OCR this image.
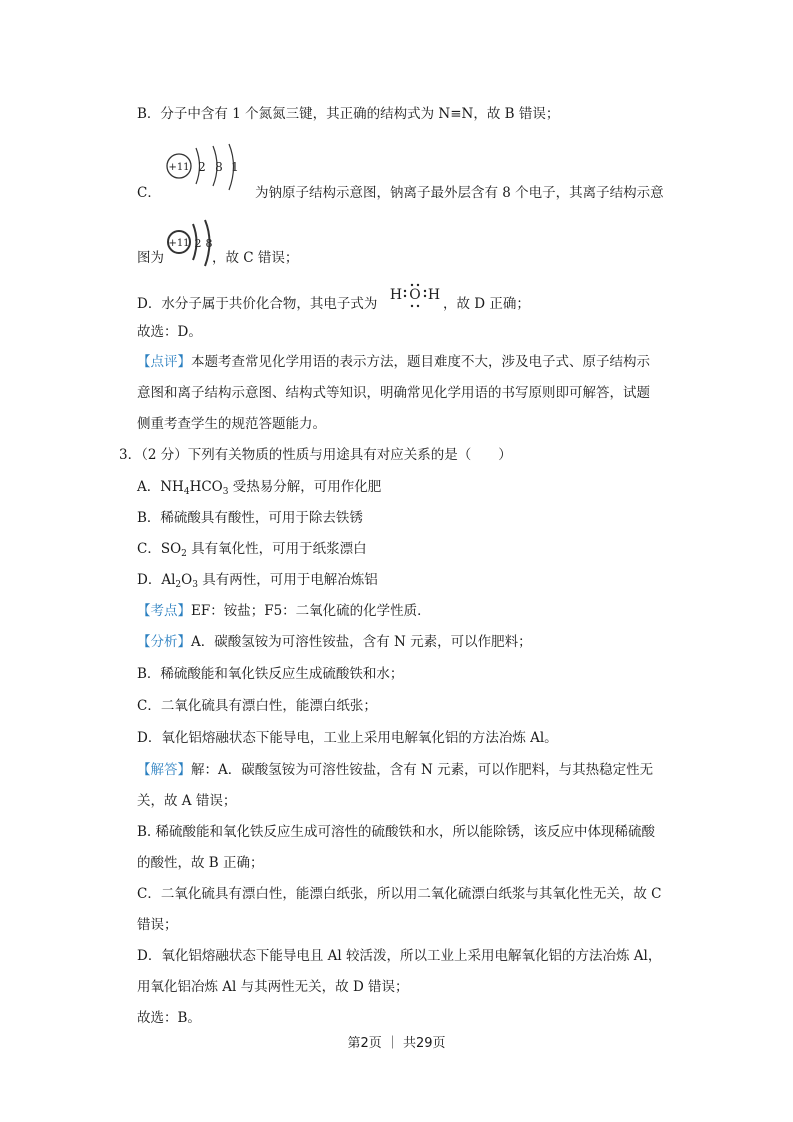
B．分子中含有 1 个氮氮三键，其正确的结构式为 N≡N，故 B 错误；
+11 2 8 1
C．	为钠原子结构示意图，钠离子最外层含有 8 个电子，其离子结构示意
图为
+11 2 8
，故 C 错误；
D．水分子属于共价化合物，其电子式为
H O H
，故 D 正确；
故选：D。
【点评】本题考查常见化学用语的表示方法，题目难度不大，涉及电子式、原子结构示
意图和离子结构示意图、结构式等知识，明确常见化学用语的书写原则即可解答，试题
侧重考查学生的规范答题能力。
3．（2 分）下列有关物质的性质与用途具有对应关系的是（　　）
A．$NH_4HCO_3$ 受热易分解，可用作化肥
B．稀硫酸具有酸性，可用于除去铁锈
C．$SO_2$ 具有氧化性，可用于纸浆漂白
D．$Al_2O_3$ 具有两性，可用于电解冶炼铝
【考点】EF：铵盐；F5：二氧化硫的化学性质．
【分析】A．碳酸氢铵为可溶性铵盐，含有 N 元素，可以作肥料；
B．稀硫酸能和氧化铁反应生成硫酸铁和水；
C．二氧化硫具有漂白性，能漂白纸张；
D．氧化铝熔融状态下能导电，工业上采用电解氧化铝的方法冶炼 Al。
【解答】解：A．碳酸氢铵为可溶性铵盐，含有 N 元素，可以作肥料，与其热稳定性无
关，故 A 错误；
B. 稀硫酸能和氧化铁反应生成可溶性的硫酸铁和水，所以能除锈，该反应中体现稀硫酸
的酸性，故 B 正确；
C．二氧化硫具有漂白性，能漂白纸张，所以用二氧化硫漂白纸浆与其氧化性无关，故 C
错误；
D．氧化铝熔融状态下能导电且 Al 较活泼，所以工业上采用电解氧化铝的方法冶炼 Al，
用氧化铝冶炼 Al 与其两性无关，故 D 错误；
故选：B。
第2页 ｜ 共29页
